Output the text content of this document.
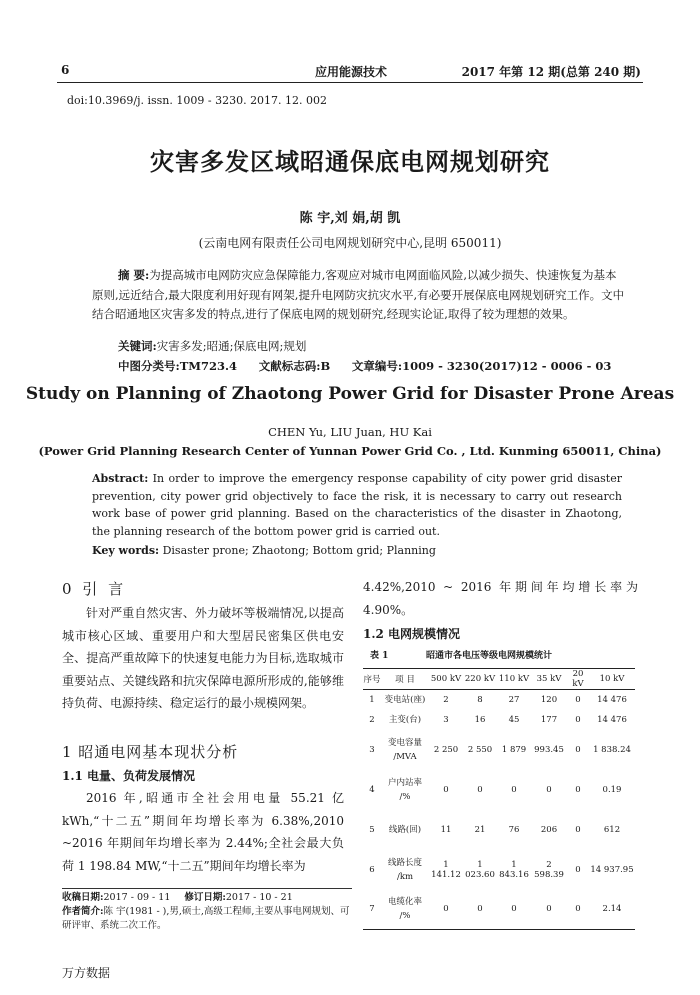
6	应用能源技术	2017 年第 12 期(总第 240 期)
doi:10.3969/j. issn. 1009 - 3230. 2017. 12. 002
灾害多发区域昭通保底电网规划研究
陈 宇,刘 娟,胡 凯
(云南电网有限责任公司电网规划研究中心,昆明 650011)
摘 要:为提高城市电网防灾应急保障能力,客观应对城市电网面临风险,以减少损失、快速恢复为基本原则,远近结合,最大限度利用好现有网架,提升电网防灾抗灾水平,有必要开展保底电网规划研究工作。文中结合昭通地区灾害多发的特点,进行了保底电网的规划研究,经现实论证,取得了较为理想的效果。
关键词:灾害多发;昭通;保底电网;规划
中图分类号:TM723.4 文献标志码:B 文章编号:1009 - 3230(2017)12 - 0006 - 03
Study on Planning of Zhaotong Power Grid for Disaster Prone Areas
CHEN Yu, LIU Juan, HU Kai
(Power Grid Planning Research Center of Yunnan Power Grid Co. , Ltd. Kunming 650011, China)
Abstract: In order to improve the emergency response capability of city power grid disaster prevention, city power grid objectively to face the risk, it is necessary to carry out research work base of power grid planning. Based on the characteristics of the disaster in Zhaotong, the planning research of the bottom power grid is carried out.
Key words: Disaster prone; Zhaotong; Bottom grid; Planning
0 引 言
针对严重自然灾害、外力破坏等极端情况,以提高城市核心区域、重要用户和大型居民密集区供电安全、提高严重故障下的快速复电能力为目标,选取城市重要站点、关键线路和抗灾保障电源所形成的,能够维持负荷、电源持续、稳定运行的最小规模网架。
1 昭通电网基本现状分析
1.1 电量、负荷发展情况
2016 年,昭通市全社会用电量 55.21 亿 kWh,“十二五”期间年均增长率为 6.38%,2010 ~2016 年期间年均增长率为 2.44%;全社会最大负荷 1 198.84 MW,“十二五”期间年均增长率为
收稿日期:2017 - 09 - 11 修订日期:2017 - 10 - 21
作者简介:陈 宇(1981 - ),男,硕士,高级工程师,主要从事电网规划、可研评审、系统二次工作。
4.42%,2010 ~ 2016 年期间年均增长率为 4.90%。
1.2 电网规模情况
表 1	昭通市各电压等级电网规模统计
序号	项 目	500 kV	220 kV	110 kV	35 kV	20 kV	10 kV
1	变电站(座)	2	8	27	120	0	14 476
2	主变(台)	3	16	45	177	0	14 476
3	变电容量
/MVA	2 250	2 550	1 879	993.45	0	1 838.24
4	户内站率
/%	0	0	0	0	0	0.19
5	线路(回)	11	21	76	206	0	612
6	线路长度
/km	1 141.12	1 023.60	1 843.16	2 598.39	0	14 937.95
7	电缆化率
/%	0	0	0	0	0	2.14
万方数据
